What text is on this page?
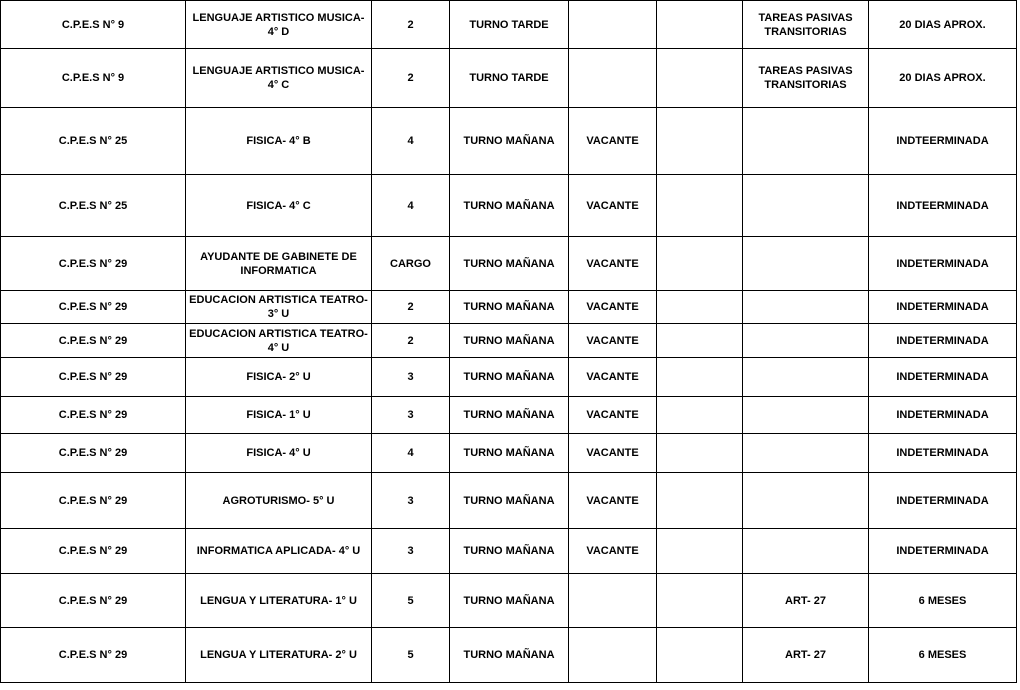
C.P.E.S N° 9	LENGUAJE ARTISTICO MUSICA- 4° D	2	TURNO TARDE			TAREAS PASIVAS TRANSITORIAS	20 DIAS APROX.
C.P.E.S N° 9	LENGUAJE ARTISTICO MUSICA- 4° C	2	TURNO TARDE			TAREAS PASIVAS TRANSITORIAS	20 DIAS APROX.
C.P.E.S N° 25	FISICA- 4° B	4	TURNO MAÑANA	VACANTE			INDTEERMINADA
C.P.E.S N° 25	FISICA- 4° C	4	TURNO MAÑANA	VACANTE			INDTEERMINADA
C.P.E.S N° 29	AYUDANTE DE GABINETE DE INFORMATICA	CARGO	TURNO MAÑANA	VACANTE			INDETERMINADA
C.P.E.S N° 29	EDUCACION ARTISTICA TEATRO- 3° U	2	TURNO MAÑANA	VACANTE			INDETERMINADA
C.P.E.S N° 29	EDUCACION ARTISTICA TEATRO- 4° U	2	TURNO MAÑANA	VACANTE			INDETERMINADA
C.P.E.S N° 29	FISICA- 2° U	3	TURNO MAÑANA	VACANTE			INDETERMINADA
C.P.E.S N° 29	FISICA- 1° U	3	TURNO MAÑANA	VACANTE			INDETERMINADA
C.P.E.S N° 29	FISICA- 4° U	4	TURNO MAÑANA	VACANTE			INDETERMINADA
C.P.E.S N° 29	AGROTURISMO- 5° U	3	TURNO MAÑANA	VACANTE			INDETERMINADA
C.P.E.S N° 29	INFORMATICA APLICADA- 4° U	3	TURNO MAÑANA	VACANTE			INDETERMINADA
C.P.E.S N° 29	LENGUA Y LITERATURA- 1° U	5	TURNO MAÑANA			ART- 27	6 MESES
C.P.E.S N° 29	LENGUA Y LITERATURA- 2° U	5	TURNO MAÑANA			ART- 27	6 MESES
